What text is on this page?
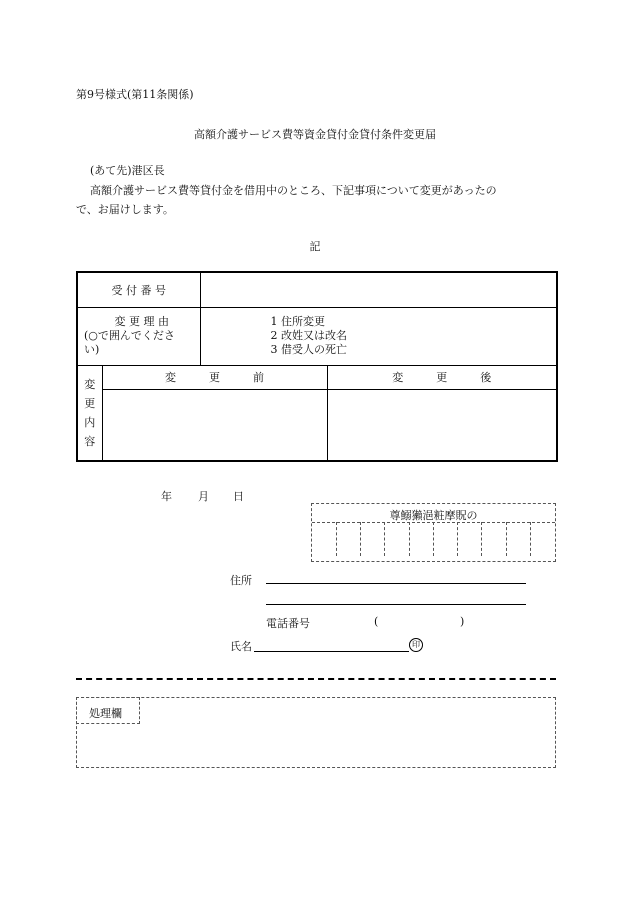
第9号様式(第11条関係)
高額介護サービス費等資金貸付金貸付条件変更届
(あて先)港区長
高額介護サービス費等貸付金を借用中のところ、下記事項について変更があったの
で、お届けします。
記
受 付 番 号			

変 更 理 由
(○で囲んでくださ
い)		1 住所変更
2 改姓又は改名
3 借受人の死亡	

変
更
内
容	変　　　更　　　前		変　　　更　　　後

年 月 日
尊鰯獺浥粧摩貺の
住所
電話番号	(	)
氏名	印
処理欄
